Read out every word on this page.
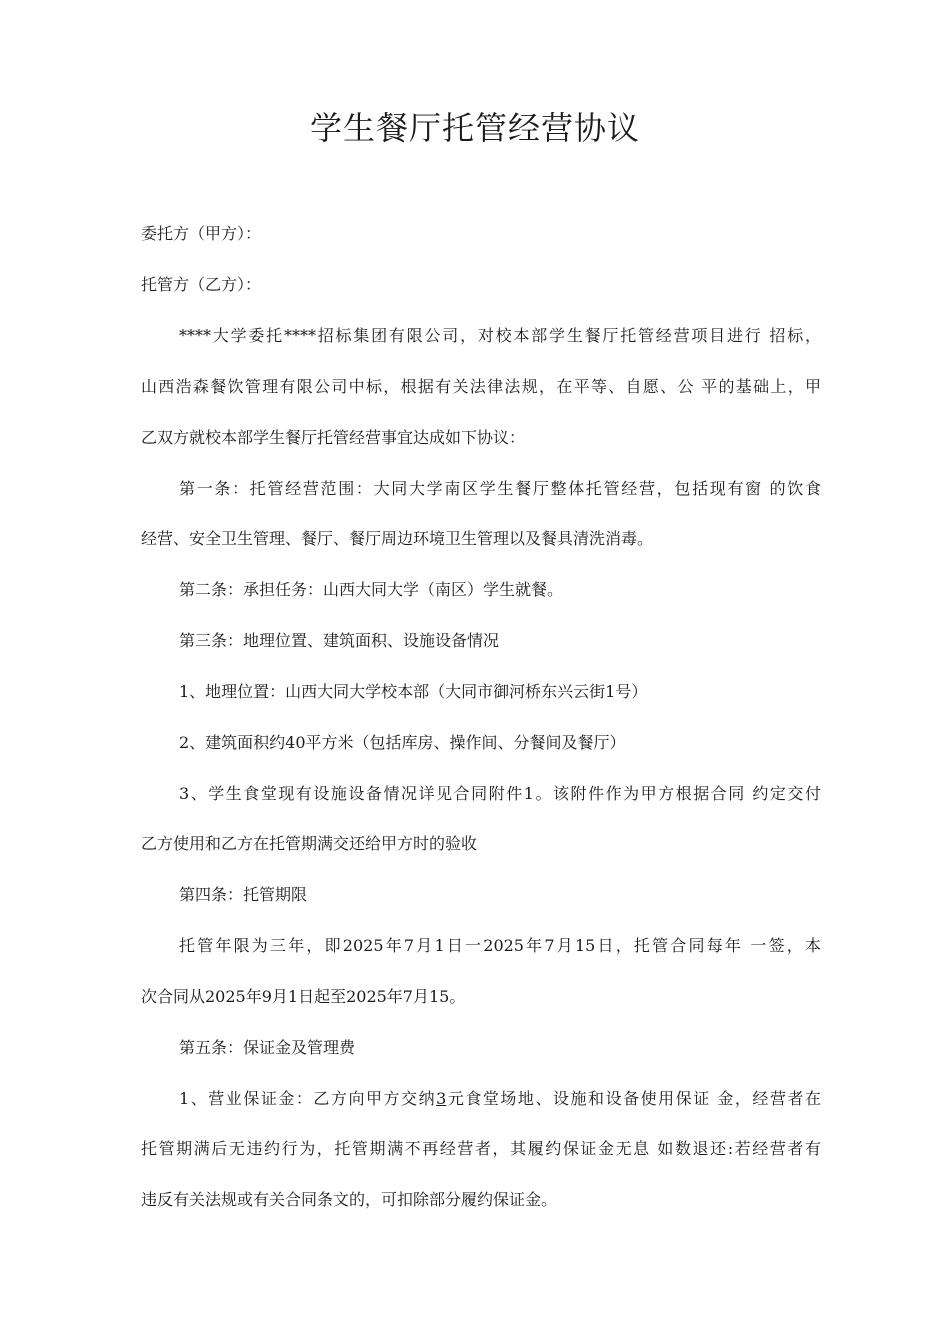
学生餐厅托管经营协议
委托方（甲方）：
托管方（乙方）：
****大学委托****招标集团有限公司，对校本部学生餐厅托管经营项目进行 招标，
山西浩森餐饮管理有限公司中标，根据有关法律法规，在平等、自愿、公 平的基础上，甲
乙双方就校本部学生餐厅托管经营事宜达成如下协议：
第一条：托管经营范围：大同大学南区学生餐厅整体托管经营，包括现有窗 的饮食
经营、安全卫生管理、餐厅、餐厅周边环境卫生管理以及餐具清洗消毒。
第二条：承担任务：山西大同大学（南区）学生就餐。
第三条：地理位置、建筑面积、设施设备情况
1、地理位置：山西大同大学校本部（大同市御河桥东兴云街1号）
2、建筑面积约40平方米（包括库房、操作间、分餐间及餐厅）
3、学生食堂现有设施设备情况详见合同附件1。该附件作为甲方根据合同 约定交付
乙方使用和乙方在托管期满交还给甲方时的验收
第四条：托管期限
托管年限为三年，即2025年7月1日一2025年7月15日，托管合同每年 一签，本
次合同从2025年9月1日起至2025年7月15。
第五条：保证金及管理费
1、营业保证金：乙方向甲方交纳3元食堂场地、设施和设备使用保证 金，经营者在
托管期满后无违约行为，托管期满不再经营者，其履约保证金无息 如数退还:若经营者有
违反有关法规或有关合同条文的，可扣除部分履约保证金。
